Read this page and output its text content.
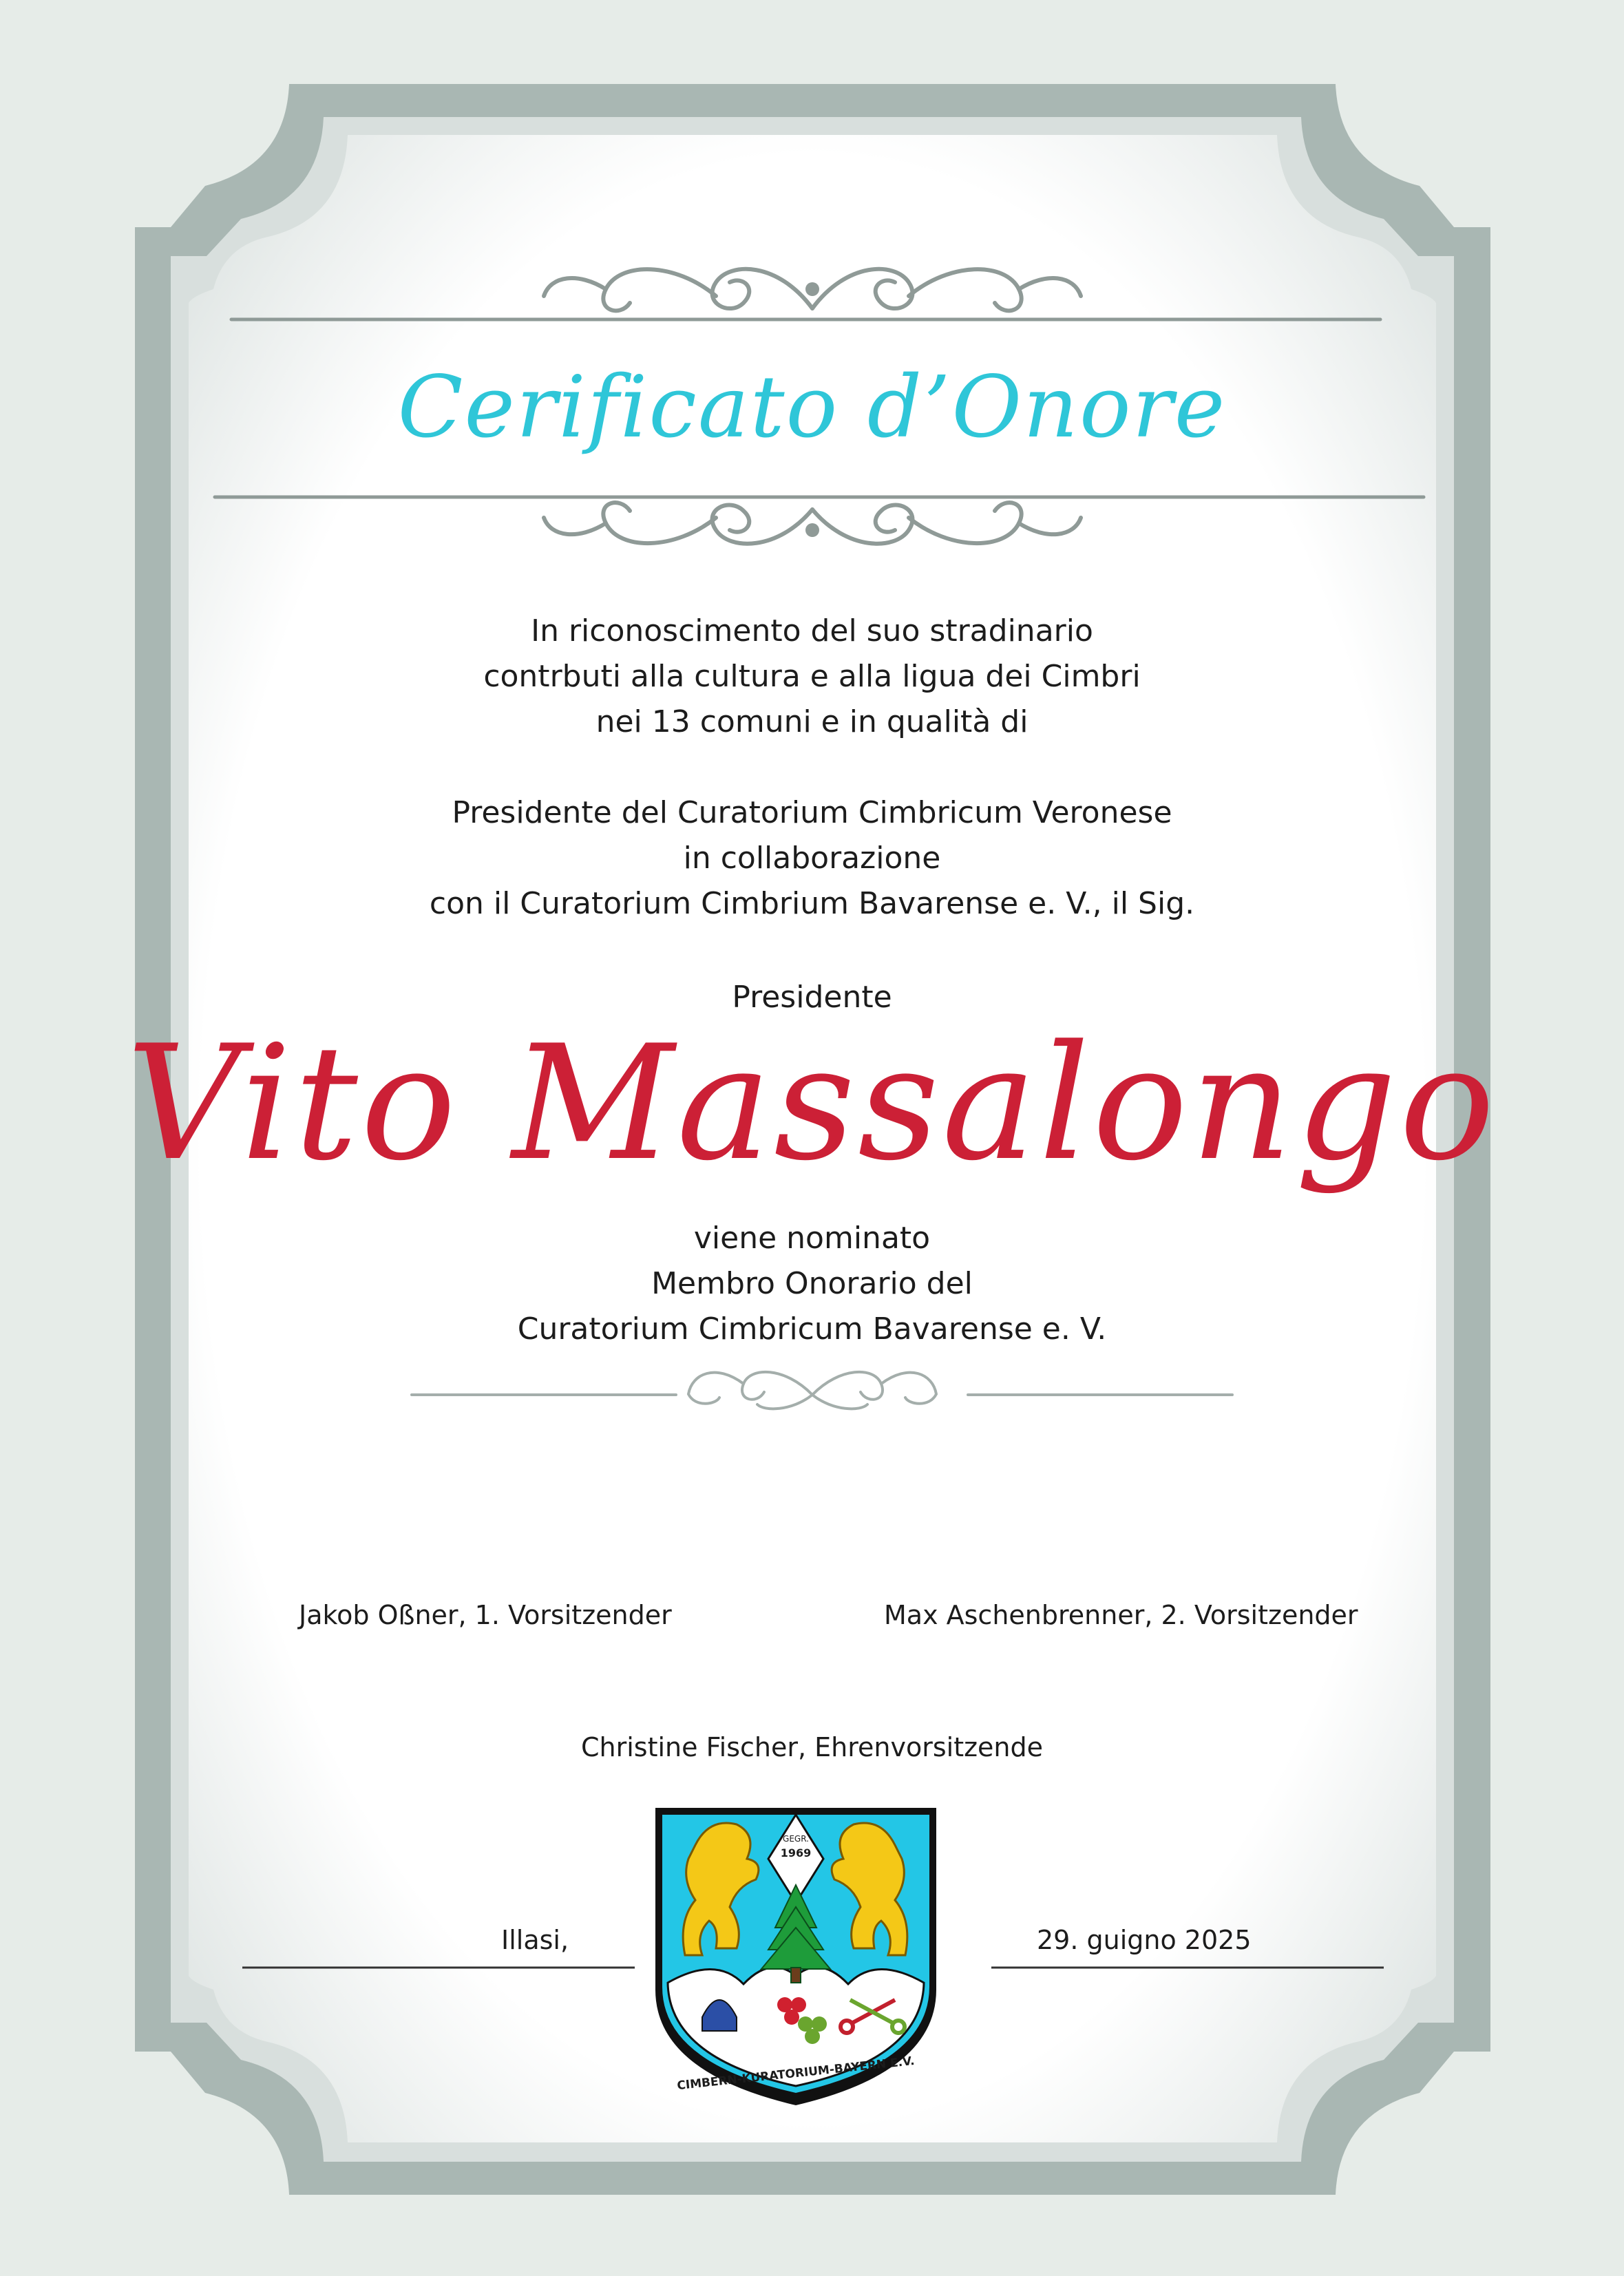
Cerificato d’Onore
In riconoscimento del suo stradinario
contrbuti alla cultura e alla ligua dei Cimbri
nei 13 comuni e in qualità di
Presidente del Curatorium Cimbricum Veronese
in collaborazione
con il Curatorium Cimbrium Bavarense e. V., il Sig.
Presidente
Vito Massalongo
viene nominato
Membro Onorario del
Curatorium Cimbricum Bavarense e. V.
Jakob Oßner, 1. Vorsitzender	Max Aschenbrenner, 2. Vorsitzender
Christine Fischer, Ehrenvorsitzende
Illasi,	29. guigno 2025
GEGR.
1969
CIMBERN-KURATORIUM-BAYERN E.V.
